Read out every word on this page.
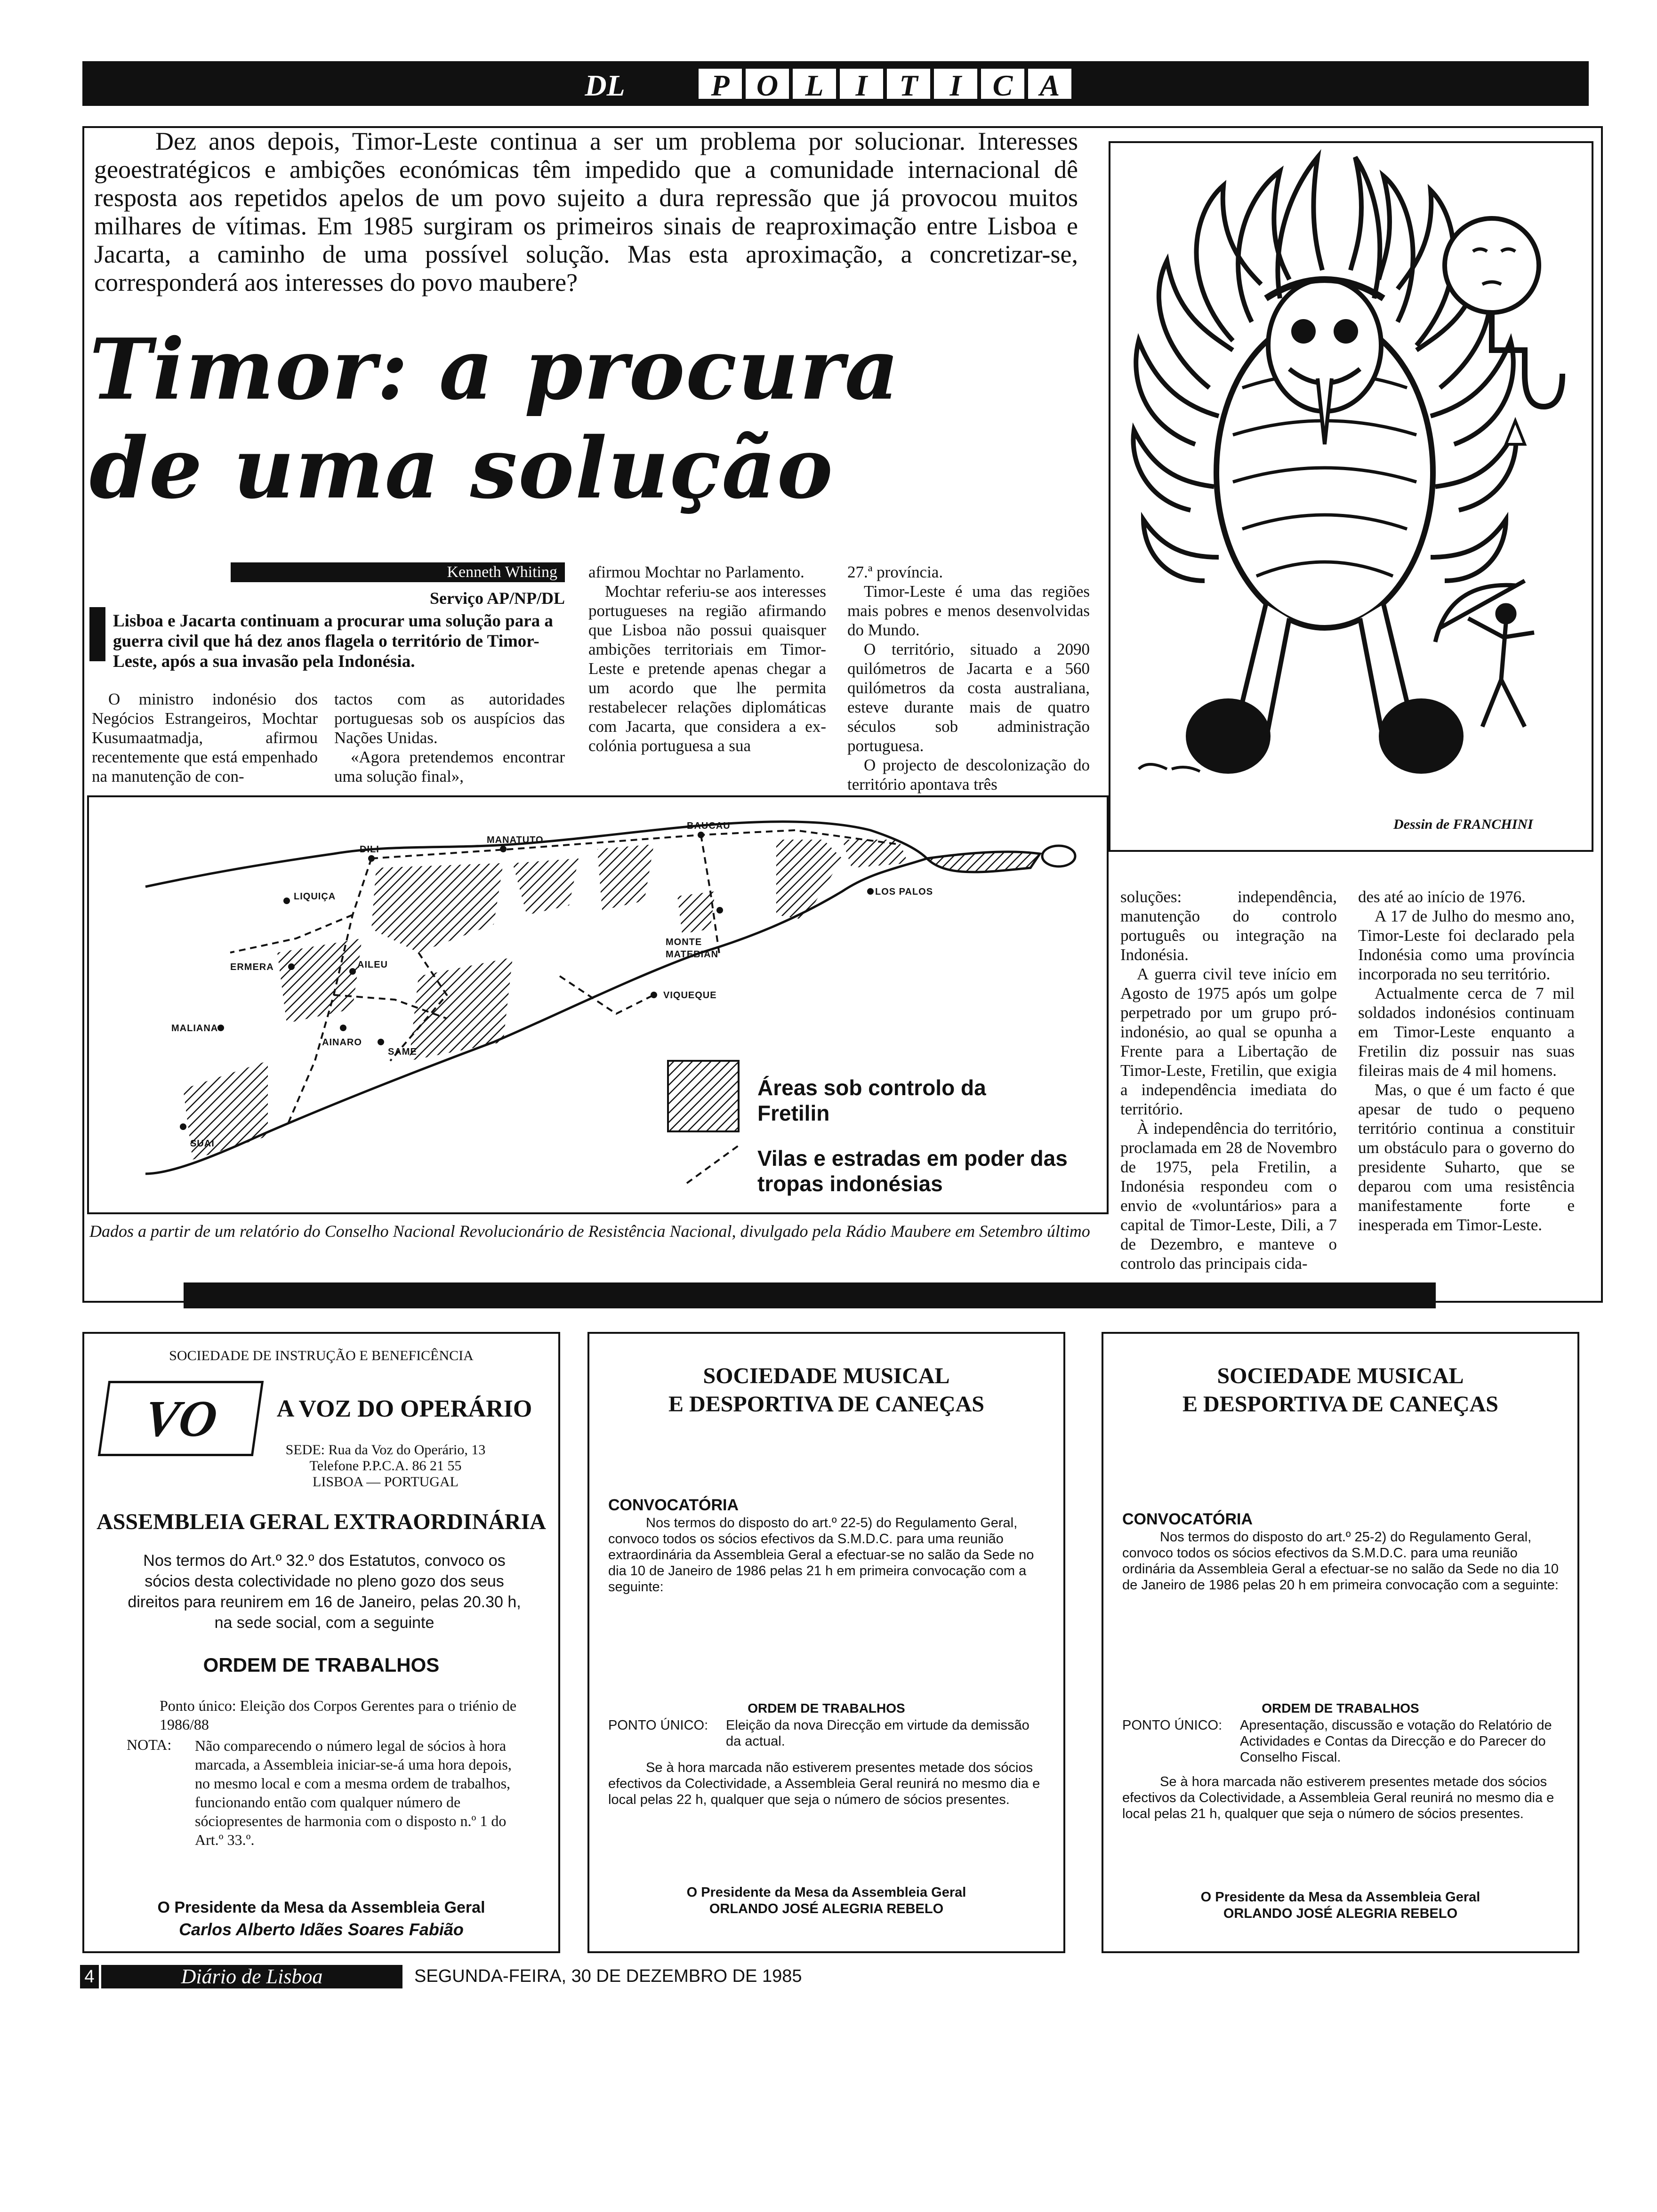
DL	P O L	I	T	I	C A
Dez anos depois, Timor-Leste continua a ser um problema por solucionar. Interesses geoestratégicos e ambições económicas têm impedido que a comunidade internacional dê resposta aos repetidos apelos de um povo sujeito a dura repressão que já provocou muitos milhares de vítimas. Em 1985 surgiram os primeiros sinais de reaproximação entre Lisboa e Jacarta, a caminho de uma possível solução. Mas esta aproximação, a concretizar-se, corresponderá aos interesses do povo maubere?
Timor: a procura
de uma solução
Kenneth Whiting
Serviço AP/NP/DL
Lisboa e Jacarta continuam a procurar uma solução para a guerra civil que há dez anos flagela o território de Timor-Leste, após a sua invasão pela Indonésia.

O ministro indonésio dos Negócios Estrangeiros, Mochtar Kusumaatmadja, afirmou recentemente que está empenhado na manutenção de con-

tactos com as autoridades portuguesas sob os auspícios das Nações Unidas.

«Agora pretendemos encontrar uma solução final»,

afirmou Mochtar no Parlamento.

Mochtar referiu-se aos interesses portugueses na região afirmando que Lisboa não possui quaisquer ambições territoriais em Timor-Leste e pretende apenas chegar a um acordo que lhe permita restabelecer relações diplomáticas com Jacarta, que considera a ex-colónia portuguesa a sua

27.ª província.

Timor-Leste é uma das regiões mais pobres e menos desenvolvidas do Mundo.

O território, situado a 2090 quilómetros de Jacarta e a 560 quilómetros da costa australiana, esteve durante mais de quatro séculos sob administração portuguesa.

O projecto de descolonização do território apontava três

soluções: independência, manutenção do controlo português ou integração na Indonésia.

A guerra civil teve início em Agosto de 1975 após um golpe perpetrado por um grupo pró-indonésio, ao qual se opunha a Frente para a Libertação de Timor-Leste, Fretilin, que exigia a independência imediata do território.

À independência do território, proclamada em 28 de Novembro de 1975, pela Fretilin, a Indonésia respondeu com o envio de «voluntários» para a capital de Timor-Leste, Dili, a 7 de Dezembro, e manteve o controlo das principais cida-

des até ao início de 1976.

A 17 de Julho do mesmo ano, Timor-Leste foi declarado pela Indonésia como uma província incorporada no seu território.

Actualmente cerca de 7 mil soldados indonésios continuam em Timor-Leste enquanto a Fretilin diz possuir nas suas fileiras mais de 4 mil homens.

Mas, o que é um facto é que apesar de tudo o pequeno território continua a constituir um obstáculo para o governo do presidente Suharto, que se deparou com uma resistência manifestamente forte e inesperada em Timor-Leste.

Dessin de FRANCHINI
DILI
MANATUTO
BAUCAU
LIQUIÇA	LOS PALOS
MONTE MATEBIAN
ERMERA	AILEU
VIQUEQUE
MALIANA
AINARO
SAME
SUAI
Áreas sob controlo da Fretilin
Vilas e estradas em poder das tropas indonésias
Dados a partir de um relatório do Conselho Nacional Revolucionário de Resistência Nacional, divulgado pela Rádio Maubere em Setembro último
SOCIEDADE DE INSTRUÇÃO E BENEFICÊNCIA
VO	A VOZ DO OPERÁRIO
SEDE: Rua da Voz do Operário, 13
Telefone P.P.C.A. 86 21 55
LISBOA — PORTUGAL
ASSEMBLEIA GERAL EXTRAORDINÁRIA
Nos termos do Art.º 32.º dos Estatutos, convoco os sócios desta colectividade no pleno gozo dos seus direitos para reunirem em 16 de Janeiro, pelas 20.30 h, na sede social, com a seguinte
ORDEM DE TRABALHOS
Ponto único: Eleição dos Corpos Gerentes para o triénio de 1986/88
NOTA: Não comparecendo o número legal de sócios à hora marcada, a Assembleia iniciar-se-á uma hora depois, no mesmo local e com a mesma ordem de trabalhos, funcionando então com qualquer número de sóciopresentes de harmonia com o disposto n.º 1 do Art.º 33.º.
O Presidente da Mesa da Assembleia Geral
Carlos Alberto Idães Soares Fabião
SOCIEDADE MUSICAL
E DESPORTIVA DE CANEÇAS
CONVOCATÓRIA
Nos termos do disposto do art.º 22-5) do Regulamento Geral, convoco todos os sócios efectivos da S.M.D.C. para uma reunião extraordinária da Assembleia Geral a efectuar-se no salão da Sede no dia 10 de Janeiro de 1986 pelas 21 h em primeira convocação com a seguinte:
ORDEM DE TRABALHOS
PONTO ÚNICO: Eleição da nova Direcção em virtude da demissão da actual.
Se à hora marcada não estiverem presentes metade dos sócios efectivos da Colectividade, a Assembleia Geral reunirá no mesmo dia e local pelas 22 h, qualquer que seja o número de sócios presentes.
O Presidente da Mesa da Assembleia Geral
ORLANDO JOSÉ ALEGRIA REBELO
SOCIEDADE MUSICAL
E DESPORTIVA DE CANEÇAS
CONVOCATÓRIA
Nos termos do disposto do art.º 25-2) do Regulamento Geral, convoco todos os sócios efectivos da S.M.D.C. para uma reunião ordinária da Assembleia Geral a efectuar-se no salão da Sede no dia 10 de Janeiro de 1986 pelas 20 h em primeira convocação com a seguinte:
ORDEM DE TRABALHOS
PONTO ÚNICO: Apresentação, discussão e votação do Relatório de Actividades e Contas da Direcção e do Parecer do Conselho Fiscal.
Se à hora marcada não estiverem presentes metade dos sócios efectivos da Colectividade, a Assembleia Geral reunirá no mesmo dia e local pelas 21 h, qualquer que seja o número de sócios presentes.
O Presidente da Mesa da Assembleia Geral
ORLANDO JOSÉ ALEGRIA REBELO
4	Diário de Lisboa	SEGUNDA-FEIRA, 30 DE DEZEMBRO DE 1985
